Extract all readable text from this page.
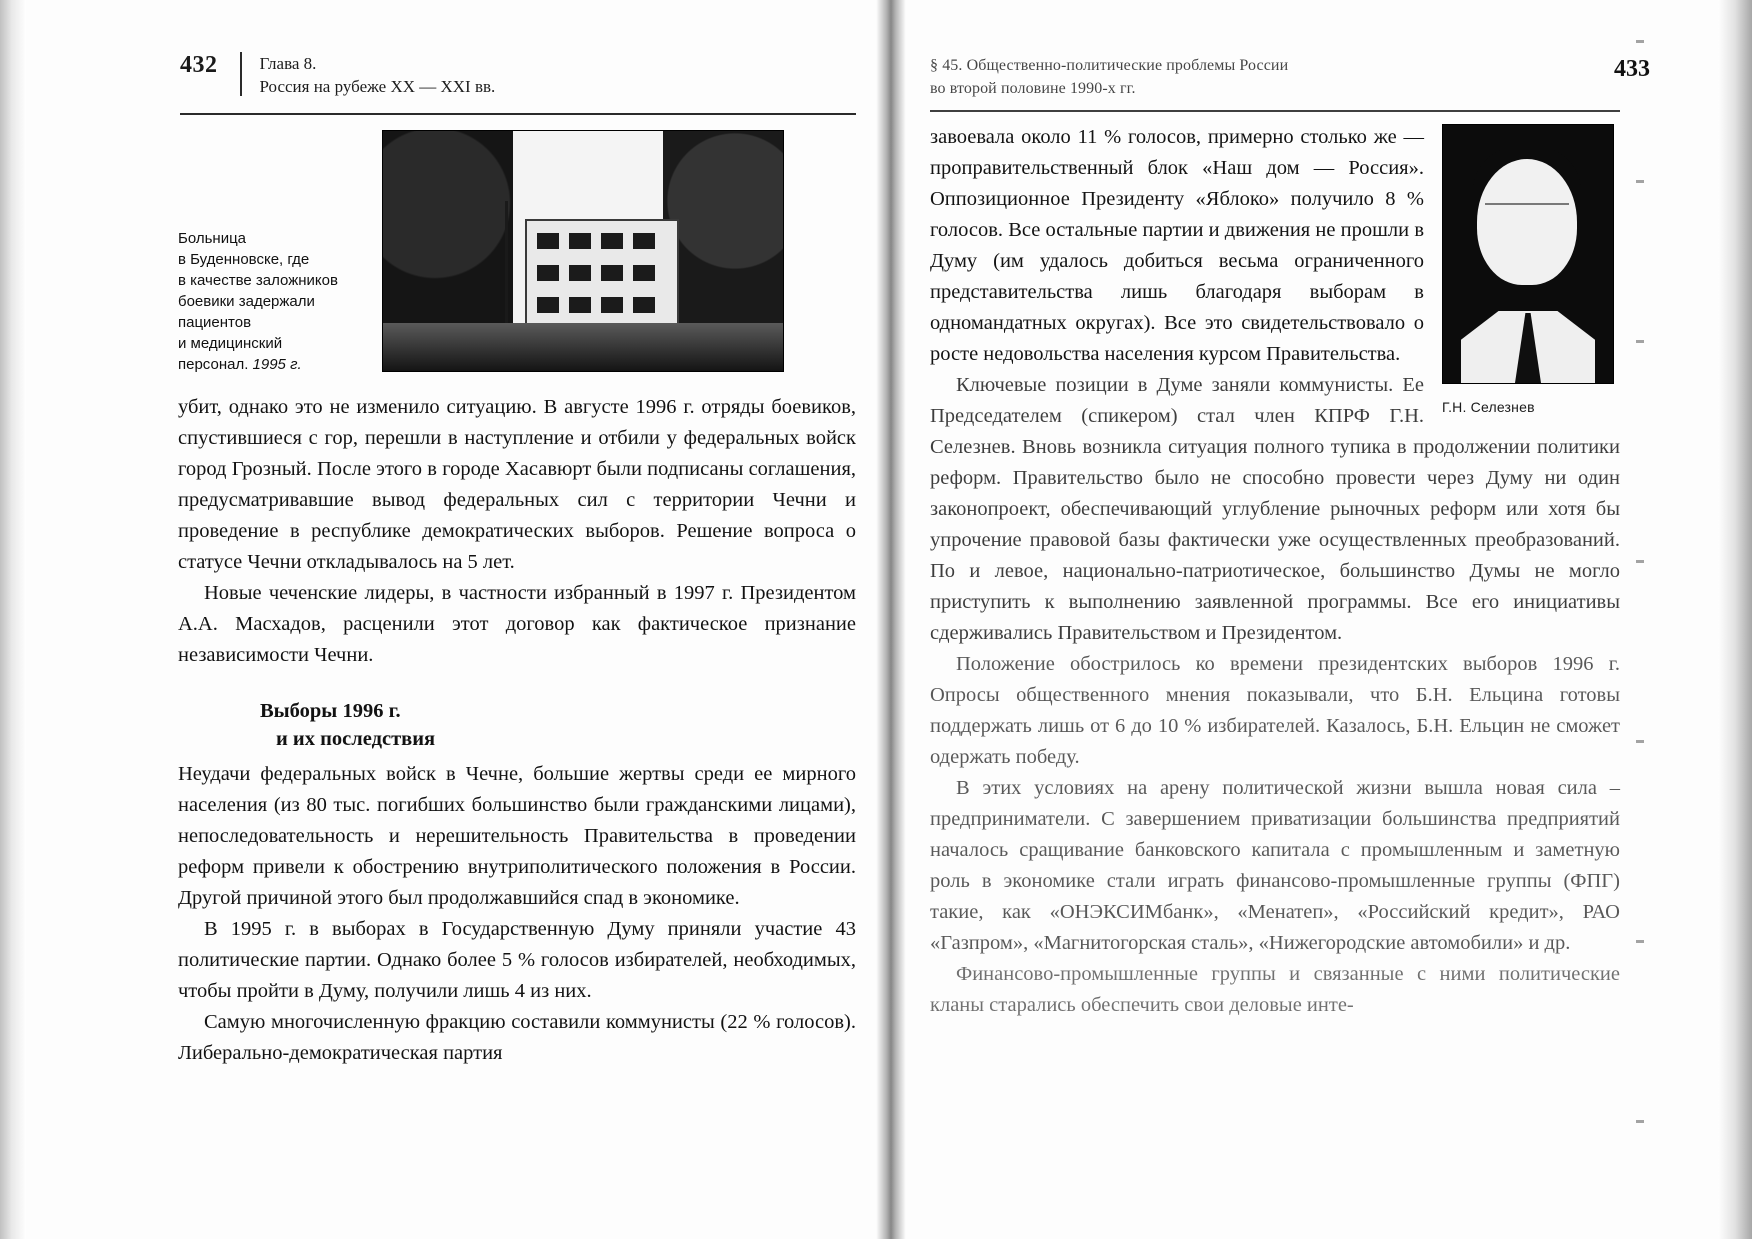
432 Глава 8.
Россия на рубеже XX — XXI вв.
Больница
в Буденновске, где
в качестве заложников
боевики задержали
пациентов
и медицинский
персонал. 1995 г.

убит, однако это не изменило ситуацию. В августе 1996 г. отряды боевиков, спустившиеся с гор, перешли в наступление и отбили у федеральных войск город Грозный. После этого в городе Хасавюрт были подписаны соглашения, предусматривавшие вывод федеральных сил с территории Чечни и проведение в республике демократических выборов. Решение вопроса о статусе Чечни откладывалось на 5 лет.

Новые чеченские лидеры, в частности избранный в 1997 г. Президентом А.А. Масхадов, расценили этот договор как фактическое признание независимости Чечни.

Выборы 1996 г.
и их последствия

Неудачи федеральных войск в Чечне, большие жертвы среди ее мирного населения (из 80 тыс. погибших большинство были гражданскими лицами), непоследовательность и нерешительность Правительства в проведении реформ привели к обострению внутриполитического положения в России. Другой причиной этого был продолжавшийся спад в экономике.

В 1995 г. в выборах в Государственную Думу приняли участие 43 политические партии. Однако более 5 % голосов избирателей, необходимых, чтобы пройти в Думу, получили лишь 4 из них.

Самую многочисленную фракцию составили коммунисты (22 % голосов). Либерально-демократическая партия

§ 45. Общественно-политические проблемы России
во второй половине 1990-х гг.
433
Г.Н. Селезнев

завоевала около 11 % голосов, примерно столько же — проправительственный блок «Наш дом — Россия». Оппозиционное Президенту «Яблоко» получило 8 % голосов. Все остальные партии и движения не прошли в Думу (им удалось добиться весьма ограниченного представительства лишь благодаря выборам в одномандатных округах). Все это свидетельствовало о росте недовольства населения курсом Правительства.

Ключевые позиции в Думе заняли коммунисты. Ее Председателем (спикером) стал член КПРФ Г.Н. Селезнев. Вновь возникла ситуация полного тупика в продолжении политики реформ. Правительство было не способно провести через Думу ни один законопроект, обеспечивающий углубление рыночных реформ или хотя бы упрочение правовой базы фактически уже осуществленных преобразований. По и левое, национально-патриотическое, большинство Думы не могло приступить к выполнению заявленной программы. Все его инициативы сдерживались Правительством и Президентом.

Положение обострилось ко времени президентских выборов 1996 г. Опросы общественного мнения показывали, что Б.Н. Ельцина готовы поддержать лишь от 6 до 10 % избирателей. Казалось, Б.Н. Ельцин не сможет одержать победу.

В этих условиях на арену политической жизни вышла новая сила – предприниматели. С завершением приватизации большинства предприятий началось сращивание банковского капитала с промышленным и заметную роль в экономике стали играть финансово-промышленные группы (ФПГ) такие, как «ОНЭКСИМбанк», «Менатеп», «Российский кредит», РАО «Газпром», «Магнитогорская сталь», «Нижегородские автомобили» и др.

Финансово-промышленные группы и связанные с ними политические кланы старались обеспечить свои деловые инте-
